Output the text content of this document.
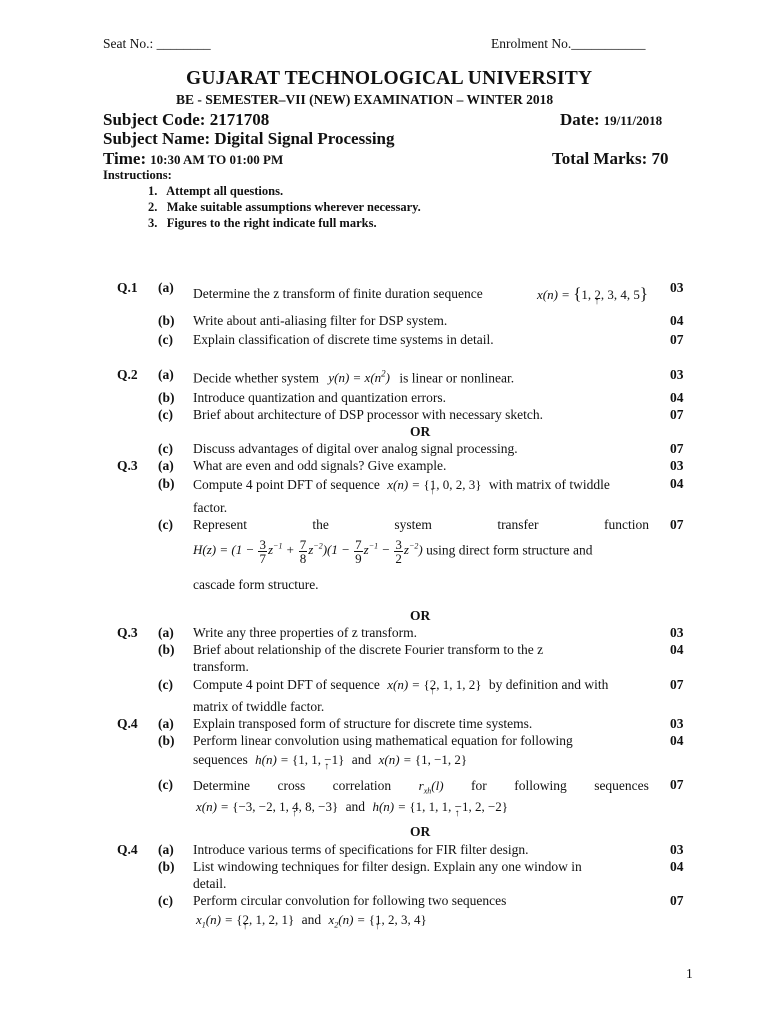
Seat No.: ________	Enrolment No.___________
GUJARAT TECHNOLOGICAL UNIVERSITY
BE - SEMESTER–VII (NEW) EXAMINATION – WINTER 2018
Subject Code: 2171708	Date: 19/11/2018
Subject Name: Digital Signal Processing
Time: 10:30 AM TO 01:00 PM	Total Marks: 70
Instructions:
1. Attempt all questions.
2. Make suitable assumptions wherever necessary.
3. Figures to the right indicate full marks.
Q.1 (a) Determine the z transform of finite duration sequence	x(n) = {1, 2 ↑, 3, 4, 5} 03
(b) Write about anti-aliasing filter for DSP system.	04
(c) Explain classification of discrete time systems in detail.	07
Q.2 (a) Decide whether system $y(n) = x(n^2)$ is linear or nonlinear.	03
(b) Introduce quantization and quantization errors.	04
(c) Brief about architecture of DSP processor with necessary sketch.	07
OR
(c) Discuss advantages of digital over analog signal processing.	07
Q.3 (a) What are even and odd signals? Give example.	03
(b) Compute 4 point DFT of sequence x(n) = {1 ↑, 0, 2, 3} with matrix of twiddle
factor.
04
(c) Represent	the	system	transfer	function 07
$H(z) = (1 - \frac{3}{7} z^{-1} + \frac{7}{8} z^{-2})(1 - \frac{7}{9} z^{-1} - \frac{3}{2} z^{-2})$ using direct form structure and
cascade form structure.
OR
Q.3 (a) Write any three properties of z transform.	03
(b) Brief about relationship of the discrete Fourier transform to the z
transform.
04
(c) Compute 4 point DFT of sequence x(n) = {2 ↑, 1, 1, 2} by definition and with
matrix of twiddle factor.
07
Q.4 (a) Explain transposed form of structure for discrete time systems.	03
(b) Perform linear convolution using mathematical equation for following
sequences h(n) = {1, 1, −1 ↑} and x(n) = {1, −1, 2}
04
(c) Determine cross correlation $r_{xh}(l)$ for following sequences
x(n) = {−3, −2, 1, 4 ↑, 8, −3} and h(n) = {1, 1, 1, −1 ↑, 2, −2}
07
OR
Q.4 (a) Introduce various terms of specifications for FIR filter design.	03
(b) List windowing techniques for filter design. Explain any one window in
detail.
04
(c) Perform circular convolution for following two sequences
$x_1(n) = \{2$ ↑, 1, 2, 1} and $x_2(n) = \{1$ ↑, 2, 3, 4}
07
1
